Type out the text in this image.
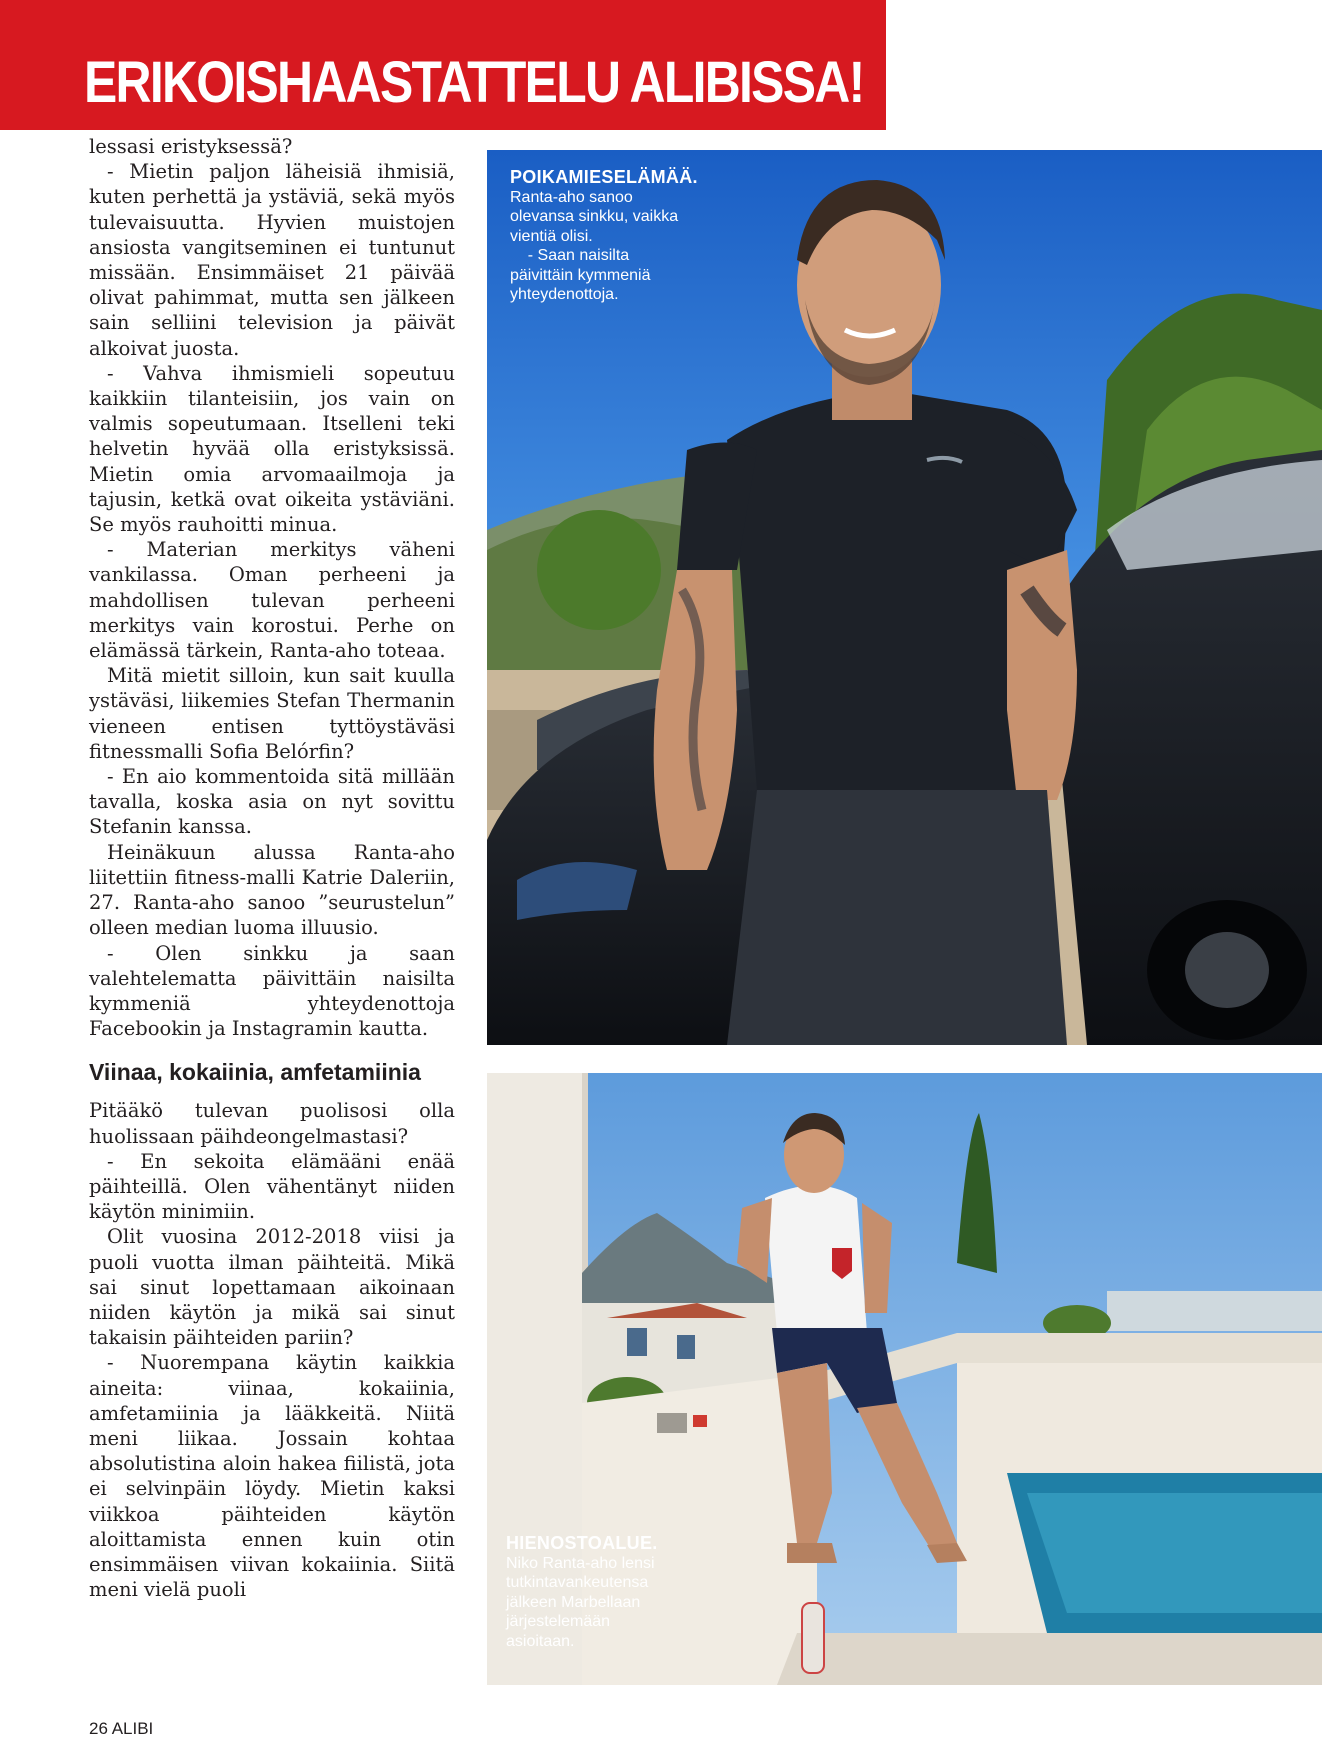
ERIKOISHAASTATTELU ALIBISSA!

lessasi eristyksessä?

- Mietin paljon läheisiä ihmisiä, kuten perhettä ja ystäviä, sekä myös tulevaisuutta. Hyvien muistojen ansiosta vangitseminen ei tuntunut missään. Ensimmäiset 21 päivää olivat pahimmat, mutta sen jälkeen sain selliini television ja päivät alkoivat juosta.

- Vahva ihmismieli sopeutuu kaikkiin tilanteisiin, jos vain on valmis sopeutumaan. Itselleni teki helvetin hyvää olla eristyksissä. Mietin omia arvomaailmoja ja tajusin, ketkä ovat oikeita ystäviäni. Se myös rauhoitti minua.

- Materian merkitys väheni vankilassa. Oman perheeni ja mahdollisen tulevan perheeni merkitys vain korostui. Perhe on elämässä tärkein, Ranta-aho toteaa.

Mitä mietit silloin, kun sait kuulla ystäväsi, liikemies Stefan Thermanin vieneen entisen tyttöystäväsi fitnessmalli Sofia Belórfin?

- En aio kommentoida sitä millään tavalla, koska asia on nyt sovittu Stefanin kanssa.

Heinäkuun alussa Ranta-aho liitettiin fitness-malli Katrie Daleriin, 27. Ranta-aho sanoo ”seurustelun” olleen median luoma illuusio.

- Olen sinkku ja saan valehtelematta päivittäin naisilta kymmeniä yhteydenottoja Facebookin ja Instagramin kautta.

Viinaa, kokaiinia, amfetamiinia

Pitääkö tulevan puolisosi olla huolissaan päihdeongelmastasi?

- En sekoita elämääni enää päihteillä. Olen vähentänyt niiden käytön minimiin.

Olit vuosina 2012-2018 viisi ja puoli vuotta ilman päihteitä. Mikä sai sinut lopettamaan aikoinaan niiden käytön ja mikä sai sinut takaisin päihteiden pariin?

- Nuorempana käytin kaikkia aineita: viinaa, kokaiinia, amfetamiinia ja lääkkeitä. Niitä meni liikaa. Jossain kohtaa absolutistina aloin hakea fiilistä, jota ei selvinpäin löydy. Mietin kaksi viikkoa päihteiden käytön aloittamista ennen kuin otin ensimmäisen viivan kokaiinia. Siitä meni vielä puoli

POIKAMIESELÄMÄÄ.
Ranta-aho sanoo
olevansa sinkku, vaikka
vientiä olisi.
- Saan naisilta
päivittäin kymmeniä
yhteydenottoja.
HIENOSTOALUE.
Niko Ranta-aho lensi
tutkintavankeutensa
jälkeen Marbellaan
järjestelemään
asioitaan.
26 ALIBI
